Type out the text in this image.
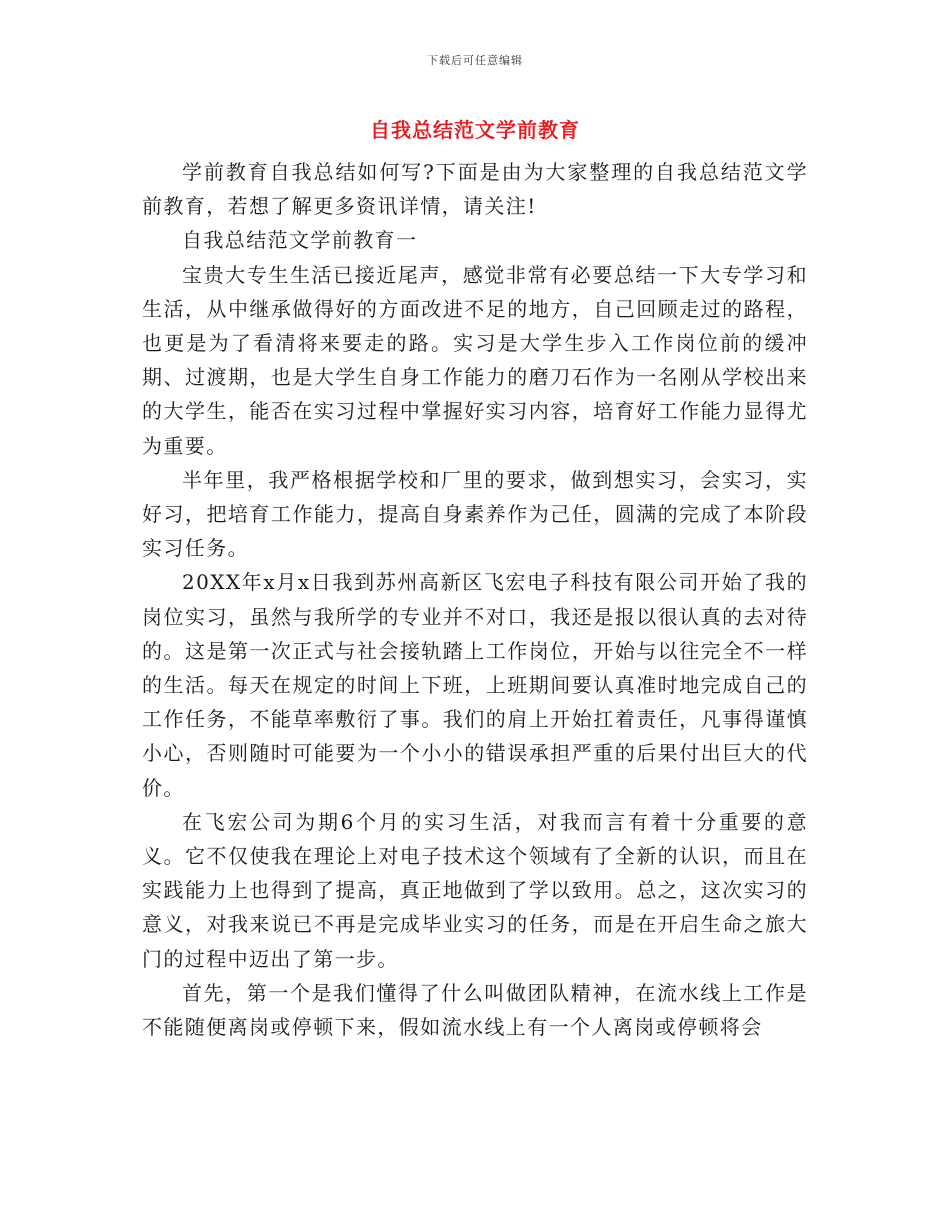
下载后可任意编辑
自我总结范文学前教育

学前教育自我总结如何写?下面是由为大家整理的自我总结范文学前教育，若想了解更多资讯详情，请关注!

自我总结范文学前教育一

宝贵大专生生活已接近尾声，感觉非常有必要总结一下大专学习和生活，从中继承做得好的方面改进不足的地方，自己回顾走过的路程，也更是为了看清将来要走的路。实习是大学生步入工作岗位前的缓冲期、过渡期，也是大学生自身工作能力的磨刀石作为一名刚从学校出来的大学生，能否在实习过程中掌握好实习内容，培育好工作能力显得尤为重要。

半年里，我严格根据学校和厂里的要求，做到想实习，会实习，实好习，把培育工作能力，提高自身素养作为己任，圆满的完成了本阶段实习任务。

20XX年x月x日我到苏州高新区飞宏电子科技有限公司开始了我的岗位实习，虽然与我所学的专业并不对口，我还是报以很认真的去对待的。这是第一次正式与社会接轨踏上工作岗位，开始与以往完全不一样的生活。每天在规定的时间上下班，上班期间要认真准时地完成自己的工作任务，不能草率敷衍了事。我们的肩上开始扛着责任，凡事得谨慎小心，否则随时可能要为一个小小的错误承担严重的后果付出巨大的代价。

在飞宏公司为期6个月的实习生活，对我而言有着十分重要的意义。它不仅使我在理论上对电子技术这个领域有了全新的认识，而且在实践能力上也得到了提高，真正地做到了学以致用。总之，这次实习的意义，对我来说已不再是完成毕业实习的任务，而是在开启生命之旅大门的过程中迈出了第一步。

首先，第一个是我们懂得了什么叫做团队精神，在流水线上工作是不能随便离岗或停顿下来，假如流水线上有一个人离岗或停顿将会
